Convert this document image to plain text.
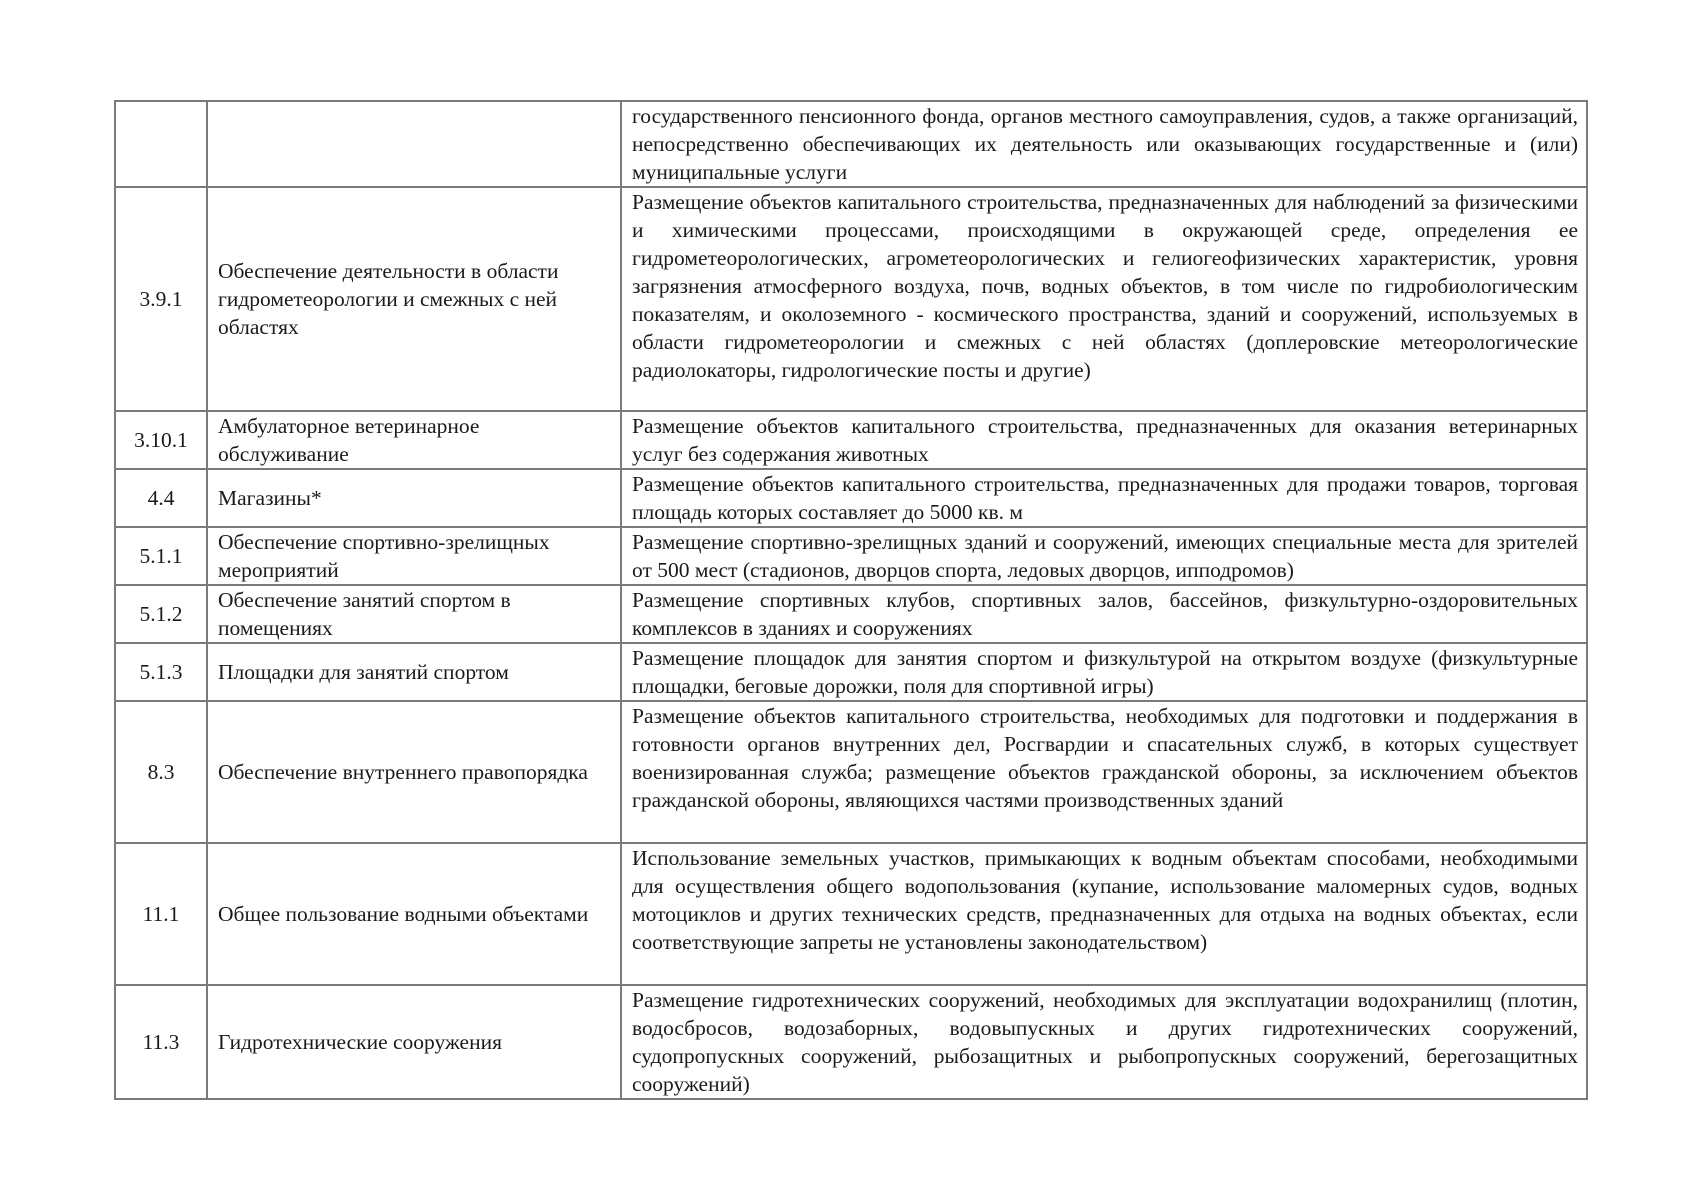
		государственного пенсионного фонда, органов местного самоуправления, судов, а также организаций, непосредственно обеспечивающих их деятельность или оказывающих государственные и (или) муниципальные услуги
3.9.1	Обеспечение деятельности в области гидрометеорологии и смежных с ней областях	Размещение объектов капитального строительства, предназначенных для наблюдений за физическими и химическими процессами, происходящими в окружающей среде, определения ее гидрометеорологических, агрометеорологических и гелиогеофизических характеристик, уровня загрязнения атмосферного воздуха, почв, водных объектов, в том числе по гидробиологическим показателям, и околоземного - космического пространства, зданий и сооружений, используемых в области гидрометеорологии и смежных с ней областях (доплеровские метеорологические радиолокаторы, гидрологические посты и другие)
3.10.1	Амбулаторное ветеринарное обслуживание	Размещение объектов капитального строительства, предназначенных для оказания ветеринарных услуг без содержания животных
4.4	Магазины*	Размещение объектов капитального строительства, предназначенных для продажи товаров, торговая площадь которых составляет до 5000 кв. м
5.1.1	Обеспечение спортивно-зрелищных мероприятий	Размещение спортивно-зрелищных зданий и сооружений, имеющих специальные места для зрителей от 500 мест (стадионов, дворцов спорта, ледовых дворцов, ипподромов)
5.1.2	Обеспечение занятий спортом в помещениях	Размещение спортивных клубов, спортивных залов, бассейнов, физкультурно-оздоровительных комплексов в зданиях и сооружениях
5.1.3	Площадки для занятий спортом	Размещение площадок для занятия спортом и физкультурой на открытом воздухе (физкультурные площадки, беговые дорожки, поля для спортивной игры)
8.3	Обеспечение внутреннего правопорядка	Размещение объектов капитального строительства, необходимых для подготовки и поддержания в готовности органов внутренних дел, Росгвардии и спасательных служб, в которых существует военизированная служба; размещение объектов гражданской обороны, за исключением объектов гражданской обороны, являющихся частями производственных зданий
11.1	Общее пользование водными объектами	Использование земельных участков, примыкающих к водным объектам способами, необходимыми для осуществления общего водопользования (купание, использование маломерных судов, водных мотоциклов и других технических средств, предназначенных для отдыха на водных объектах, если соответствующие запреты не установлены законодательством)
11.3	Гидротехнические сооружения	Размещение гидротехнических сооружений, необходимых для эксплуатации водохранилищ (плотин, водосбросов, водозаборных, водовыпускных и других гидротехнических сооружений, судопропускных сооружений, рыбозащитных и рыбопропускных сооружений, берегозащитных сооружений)
